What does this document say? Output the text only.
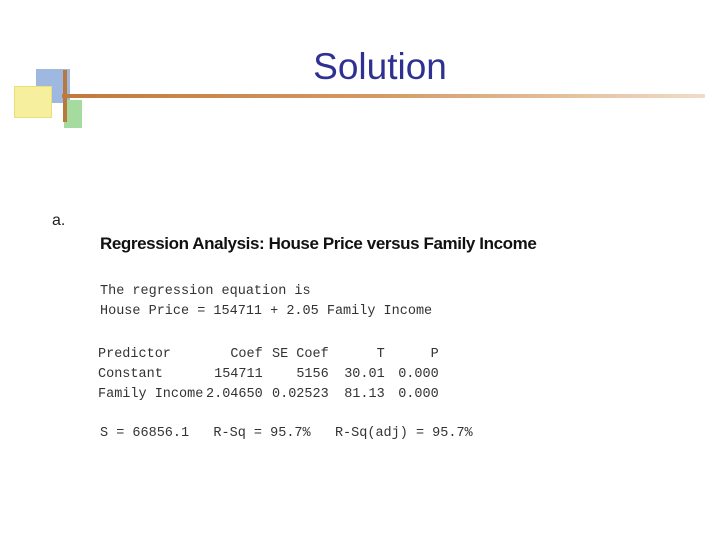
Solution
a.
Regression Analysis: House Price versus Family Income
The regression equation is
House Price = 154711 + 2.05 Family Income
Predictor	Coef	SE Coef	T	P
Constant	154711	5156	30.01	0.000
Family Income	2.04650	0.02523	81.13	0.000
S = 66856.1   R-Sq = 95.7%   R-Sq(adj) = 95.7%
